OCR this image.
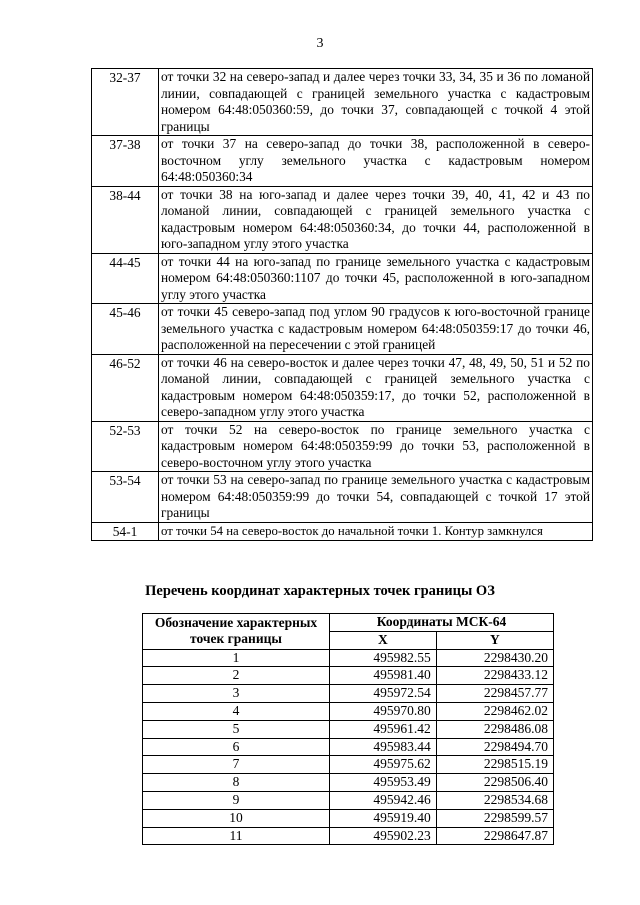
3
32-37	от точки 32 на северо-запад и далее через точки 33, 34, 35 и 36 по ломаной линии, совпадающей с границей земельного участка с кадастровым номером 64:48:050360:59, до точки 37, совпадающей с точкой 4 этой границы
37-38	от точки 37 на северо-запад до точки 38, расположенной в северо-восточном углу земельного участка с кадастровым номером 64:48:050360:34
38-44	от точки 38 на юго-запад и далее через точки 39, 40, 41, 42 и 43 по ломаной линии, совпадающей с границей земельного участка с кадастровым номером 64:48:050360:34, до точки 44, расположенной в юго-западном углу этого участка
44-45	от точки 44 на юго-запад по границе земельного участка с кадастровым номером 64:48:050360:1107 до точки 45, расположенной в юго-западном углу этого участка
45-46	от точки 45 северо-запад под углом 90 градусов к юго-восточной границе земельного участка с кадастровым номером 64:48:050359:17 до точки 46, расположенной на пересечении с этой границей
46-52	от точки 46 на северо-восток и далее через точки 47, 48, 49, 50, 51 и 52 по ломаной линии, совпадающей с границей земельного участка с кадастровым номером 64:48:050359:17, до точки 52, расположенной в северо-западном углу этого участка
52-53	от точки 52 на северо-восток по границе земельного участка с кадастровым номером 64:48:050359:99 до точки 53, расположенной в северо-восточном углу этого участка
53-54	от точки 53 на северо-запад по границе земельного участка с кадастровым номером 64:48:050359:99 до точки 54, совпадающей с точкой 17 этой границы
54-1	от точки 54 на северо-восток до начальной точки 1. Контур замкнулся
Перечень координат характерных точек границы ОЗ
Обозначение характерных точек границы	Координаты МСК-64	
	X	Y
1	495982.55	2298430.20
2	495981.40	2298433.12
3	495972.54	2298457.77
4	495970.80	2298462.02
5	495961.42	2298486.08
6	495983.44	2298494.70
7	495975.62	2298515.19
8	495953.49	2298506.40
9	495942.46	2298534.68
10	495919.40	2298599.57
11	495902.23	2298647.87
